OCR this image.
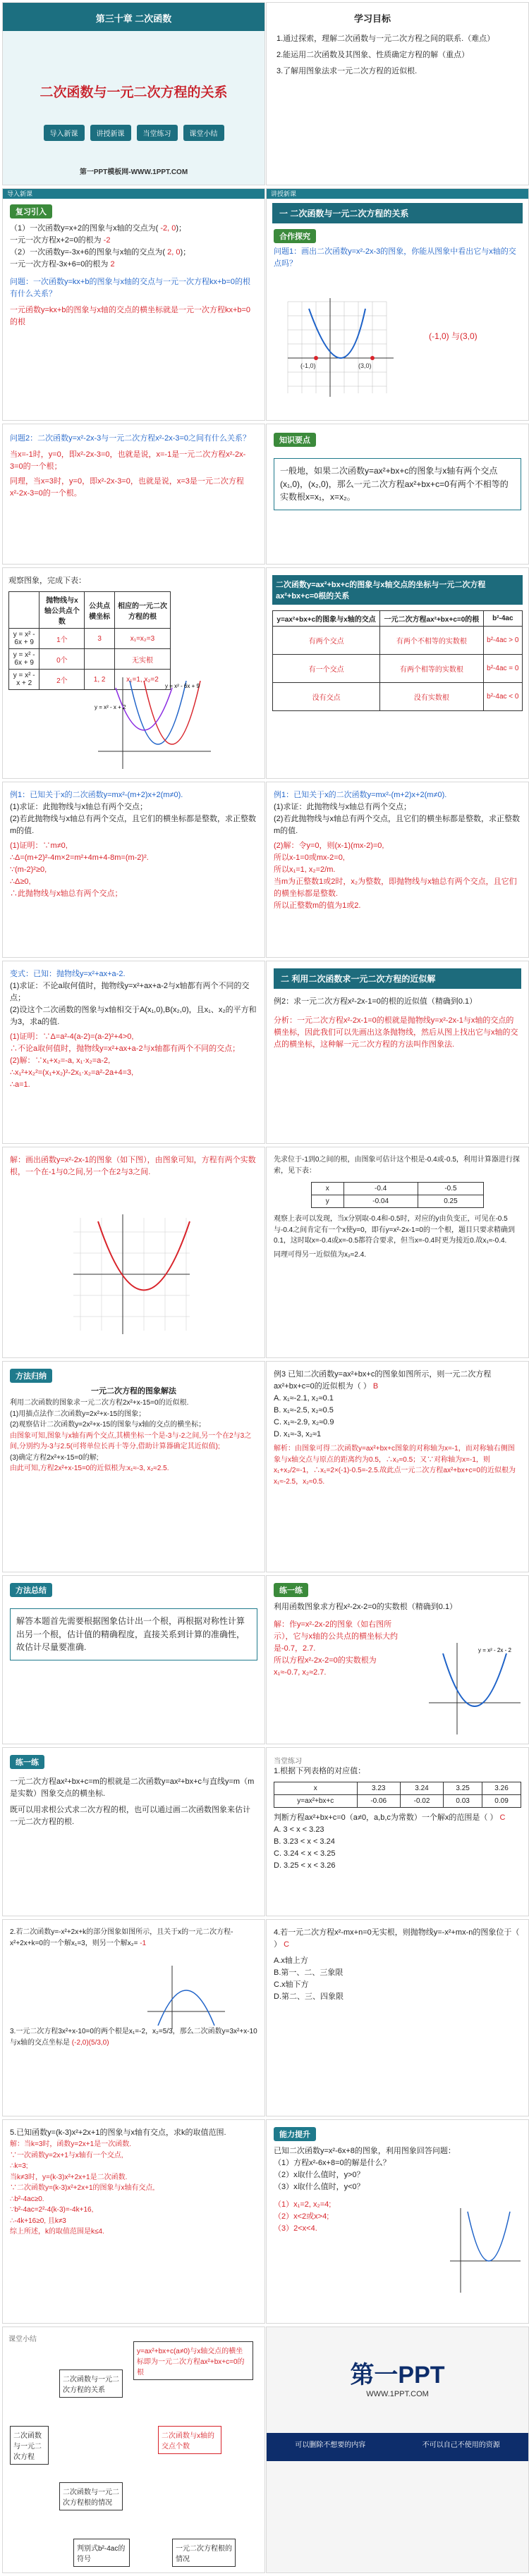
第三十章 二次函数
二次函数与一元二次方程的关系
导入新课	讲授新课	当堂练习	课堂小结
第一PPT模板网-WWW.1PPT.COM
学习目标
1.通过探索，理解二次函数与一元二次方程之间的联系.（难点）
2.能运用二次函数及其图象、性质确定方程的解（重点）
3.了解用图象法求一元二次方程的近似根.
导入新课
复习引入
（1）一次函数y=x+2的图象与x轴的交点为( -2, 0)；
一元一次方程x+2=0的根为 -2
（2）一次函数y=-3x+6的图象与x轴的交点为( 2, 0)；
一元一次方程-3x+6=0的根为 2
问题：一次函数y=kx+b的图象与x轴的交点与一元一次方程kx+b=0的根有什么关系？
一元函数y=kx+b的图象与x轴的交点的横坐标就是一元一次方程kx+b=0的根
讲授新课
一 二次函数与一元二次方程的关系
合作探究
问题1：画出二次函数y=x²-2x-3的图象，你能从图象中看出它与x轴的交点吗？
(-1,0)	(3,0)
(-1,0) 与(3,0)
问题2：二次函数y=x²-2x-3与一元二次方程x²-2x-3=0之间有什么关系？
当x=-1时，y=0，即x²-2x-3=0，也就是说，x=-1是一元二次方程x²-2x-3=0的一个根；
同理，当x=3时，y=0，即x²-2x-3=0，也就是说，x=3是一元二次方程x²-2x-3=0的一个根。
知识要点
一般地，如果二次函数y=ax²+bx+c的图象与x轴有两个交点(x₁,0)，(x₂,0)，那么一元二次方程ax²+bx+c=0有两个不相等的实数根x=x₁，x=x₂。
观察图象，完成下表：
	抛物线与x轴公共点个数	公共点横坐标	相应的一元二次方程的根
y = x² - 6x + 9	1个	3	x₁=x₂=3
y = x² - 6x + 9	0个		无实根
y = x² - x + 2	2个	1, 2	x₁=1, x₂=2
y = x² - 6x + 9
y = x² - x + 2
二次函数y=ax²+bx+c的图象与x轴交点的坐标与一元二次方程ax²+bx+c=0根的关系
y=ax²+bx+c的图象与x轴的交点	一元二次方程ax²+bx+c=0的根	b²-4ac
有两个交点	有两个不相等的实数根	b²-4ac > 0
有一个交点	有两个相等的实数根	b²-4ac = 0
没有交点	没有实数根	b²-4ac < 0
例1：已知关于x的二次函数y=mx²-(m+2)x+2(m≠0).
(1)求证：此抛物线与x轴总有两个交点；
(2)若此抛物线与x轴总有两个交点，且它们的横坐标都是整数，求正整数m的值.
(1)证明：∵m≠0,
∴Δ=(m+2)²-4m×2=m²+4m+4-8m=(m-2)².
∵(m-2)²≥0,
∴Δ≥0,
∴此抛物线与x轴总有两个交点；
例1：已知关于x的二次函数y=mx²-(m+2)x+2(m≠0).
(1)求证：此抛物线与x轴总有两个交点；
(2)若此抛物线与x轴总有两个交点，且它们的横坐标都是整数，求正整数m的值.
(2)解：令y=0，则(x-1)(mx-2)=0,
所以x-1=0或mx-2=0,
所以x₁=1, x₂=2/m.
当m为正整数1或2时，x₂为整数，即抛物线与x轴总有两个交点，且它们的横坐标都是整数.
所以正整数m的值为1或2.
变式：已知：抛物线y=x²+ax+a-2.
(1)求证：不论a取何值时，抛物线y=x²+ax+a-2与x轴都有两个不同的交点；
(2)设这个二次函数的图象与x轴相交于A(x₁,0),B(x₂,0)，且x₁、x₂的平方和为3，求a的值.
(1)证明：∵Δ=a²-4(a-2)=(a-2)²+4>0,
∴不论a取何值时，抛物线y=x²+ax+a-2与x轴都有两个不同的交点；
(2)解：∵x₁+x₂=-a, x₁·x₂=a-2,
∴x₁²+x₂²=(x₁+x₂)²-2x₁·x₂=a²-2a+4=3,
∴a=1.
二 利用二次函数求一元二次方程的近似解
例2：求一元二次方程x²-2x-1=0的根的近似值（精确到0.1）
分析：一元二次方程x²-2x-1=0的根就是抛物线y=x²-2x-1与x轴的交点的横坐标，因此我们可以先画出这条抛物线，然后从图上找出它与x轴的交点的横坐标，这种解一元二次方程的方法叫作图象法.
解：画出函数y=x²-2x-1的图象（如下图），由图象可知，方程有两个实数根，一个在-1与0之间,另一个在2与3之间.
先求位于-1到0之间的根，由图象可估计这个根是-0.4或-0.5，利用计算器进行探索，见下表：
x	-0.4	-0.5
y	-0.04	0.25
观察上表可以发现，当x分别取-0.4和-0.5时，对应的y由负变正，可见在-0.5与-0.4之间肯定有一个x使y=0，即有y=x²-2x-1=0的一个根，题目只要求精确到0.1，这时取x=-0.4或x=-0.5都符合要求，但当x=-0.4时更为接近0.故x₁≈-0.4.
同理可得另一近似值为x₂≈2.4.
方法归纳
一元二次方程的图象解法
利用二次函数的图象求一元二次方程2x²+x-15=0的近似根.
(1)用描点法作二次函数y=2x²+x-15的图象；
(2)观察估计二次函数y=2x²+x-15的图象与x轴的交点的横坐标；
由图象可知,图象与x轴有两个交点,其横坐标一个是-3与-2之间,另一个在2与3之间,分别约为-3与2.5(可将单位长再十等分,借助计算器确定其近似值);
(3)确定方程2x²+x-15=0的解;
由此可知,方程2x²+x-15=0的近似根为:x₁≈-3, x₂≈2.5.
例3 已知二次函数y=ax²+bx+c的图象如图所示，则一元二次方程ax²+bx+c=0的近似根为（ ） B
A. x₁≈-2.1, x₂≈0.1
B. x₁≈-2.5, x₂≈0.5
C. x₁≈-2.9, x₂≈0.9
D. x₁≈-3, x₂≈1
解析：由图象可得二次函数y=ax²+bx+c图象的对称轴为x=-1，而对称轴右侧图象与x轴交点与原点的距离约为0.5，∴x₂≈0.5；又∵对称轴为x=-1，则x₁+x₂/2=-1，∴x₁=2×(-1)-0.5=-2.5.故此点一元二次方程ax²+bx+c=0的近似根为x₁≈-2.5，x₂≈0.5.
方法总结
解答本题首先需要根据图象估计出一个根，再根据对称性计算出另一个根，估计值的精确程度，直接关系到计算的准确性，故估计尽量要准确.
练一练
利用函数图象求方程x²-2x-2=0的实数根（精确到0.1）
解：作y=x²-2x-2的图象（如右图所示），它与x轴的公共点的横坐标大约是-0.7，2.7.
所以方程x²-2x-2=0的实数根为x₁≈-0.7, x₂≈2.7.
y = x² - 2x - 2
练一练
一元二次方程ax²+bx+c=m的根就是二次函数y=ax²+bx+c与直线y=m（m是实数）图象交点的横坐标.
既可以用求根公式求二次方程的根，也可以通过画二次函数图象来估计一元二次方程的根.
当堂练习
1.根据下列表格的对应值：
x	3.23	3.24	3.25	3.26
y=ax²+bx+c	-0.06	-0.02	0.03	0.09
判断方程ax²+bx+c=0（a≠0，a,b,c为常数）一个解x的范围是（ ） C
A. 3 < x < 3.23
B. 3.23 < x < 3.24
C. 3.24 < x < 3.25
D. 3.25 < x < 3.26
2.若二次函数y=-x²+2x+k的部分图象如图所示，且关于x的一元二次方程-x²+2x+k=0的一个解x₁=3，则另一个解x₂= -1
3.一元二次方程3x²+x-10=0的两个根是x₁=-2，x₂=5/3，那么二次函数y=3x²+x-10与x轴的交点坐标是 (-2,0)(5/3,0)
4.若一元二次方程x²-mx+n=0无实根，则抛物线y=-x²+mx-n的图象位于（ ） C
A.x轴上方
B.第一、二、三象限
C.x轴下方
D.第二、三、四象限
5.已知函数y=(k-3)x²+2x+1的图象与x轴有交点，求k的取值范围.
解：当k=3时，函数y=2x+1是一次函数.
∵一次函数y=2x+1与x轴有一个交点,
∴k=3;
当k≠3时，y=(k-3)x²+2x+1是二次函数.
∵二次函数y=(k-3)x²+2x+1的图象与x轴有交点,
∴b²-4ac≥0.
∵b²-4ac=2²-4(k-3)=-4k+16,
∴-4k+16≥0, 且k≠3
综上所述，k的取值范围是k≤4.
能力提升
已知二次函数y=x²-6x+8的图象，利用图象回答问题：
（1）方程x²-6x+8=0的解是什么？
（2）x取什么值时，y>0？
（3）x取什么值时，y<0？
（1）x₁=2, x₂=4;
（2）x<2或x>4;
（3）2<x<4.
课堂小结
二次函数与一元二次方程
二次函数与一元二次方程的关系
二次函数与一元二次方程根的情况
y=ax²+bx+c(a≠0)与x轴交点的横坐标即为一元二次方程ax²+bx+c=0的根
二次函数与x轴的交点个数
判别式b²-4ac的符号
一元二次方程根的情况
第一PPT
WWW.1PPT.COM
可以删除不想要的内容	不可以自己不使用的资源
